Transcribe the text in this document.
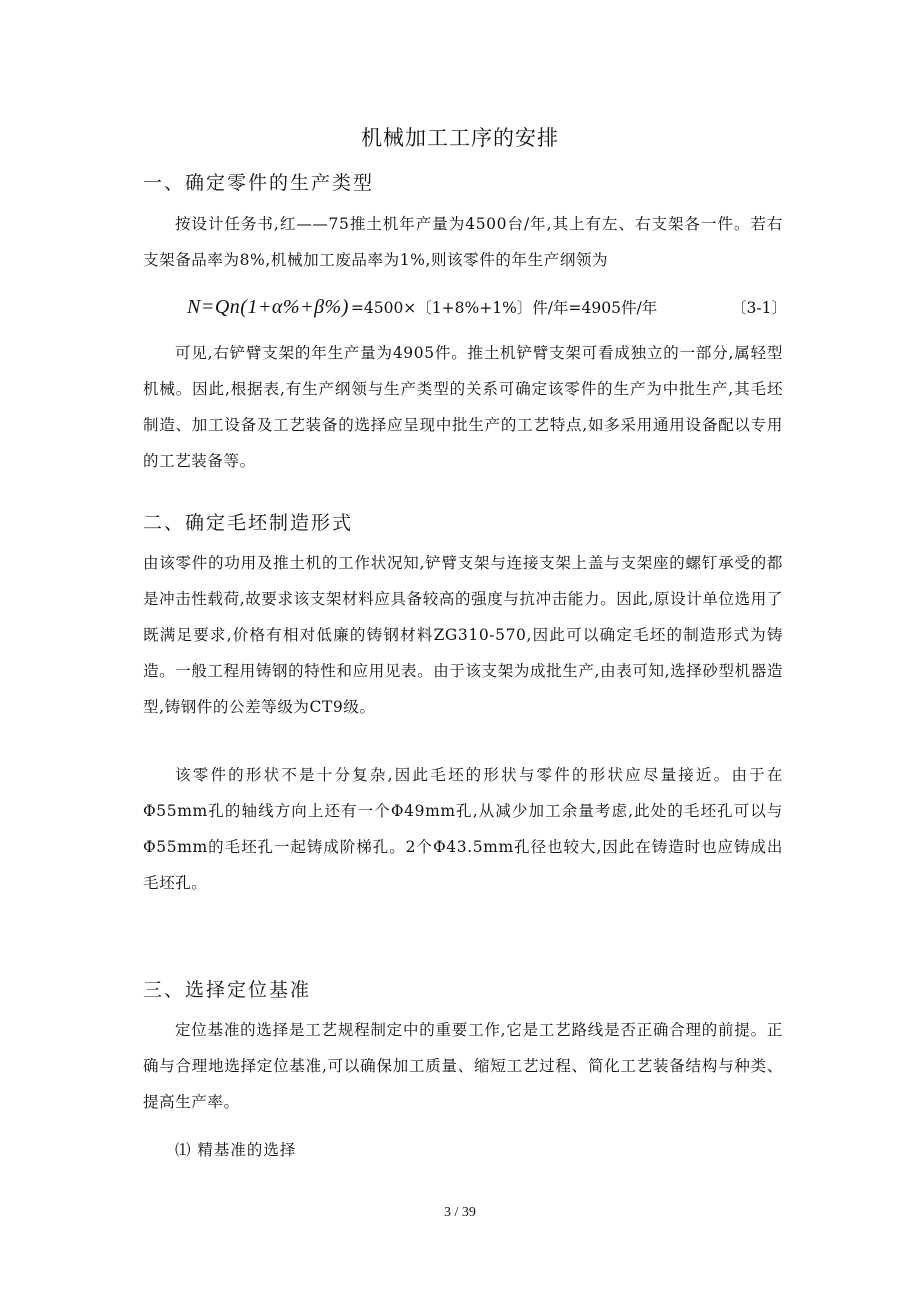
机械加工工序的安排
一、确定零件的生产类型

按设计任务书,红——75推土机年产量为4500台/年,其上有左、右支架各一件。若右支架备品率为8%,机械加工废品率为1%,则该零件的年生产纲领为

N=Qn(1+α%+β%) =4500×〔1+8%+1%〕件/年=4905件/年	〔3-1〕

可见,右铲臂支架的年生产量为4905件。推土机铲臂支架可看成独立的一部分,属轻型机械。因此,根据表,有生产纲领与生产类型的关系可确定该零件的生产为中批生产,其毛坯制造、加工设备及工艺装备的选择应呈现中批生产的工艺特点,如多采用通用设备配以专用的工艺装备等。

二、确定毛坯制造形式

由该零件的功用及推土机的工作状况知,铲臂支架与连接支架上盖与支架座的螺钉承受的都是冲击性载荷,故要求该支架材料应具备较高的强度与抗冲击能力。因此,原设计单位选用了既满足要求,价格有相对低廉的铸钢材料ZG310-570,因此可以确定毛坯的制造形式为铸造。一般工程用铸钢的特性和应用见表。由于该支架为成批生产,由表可知,选择砂型机器造型,铸钢件的公差等级为CT9级。

该零件的形状不是十分复杂,因此毛坯的形状与零件的形状应尽量接近。由于在Φ55mm孔的轴线方向上还有一个Φ49mm孔,从减少加工余量考虑,此处的毛坯孔可以与Φ55mm的毛坯孔一起铸成阶梯孔。2个Φ43.5mm孔径也较大,因此在铸造时也应铸成出毛坯孔。

三、选择定位基准

定位基准的选择是工艺规程制定中的重要工作,它是工艺路线是否正确合理的前提。正确与合理地选择定位基准,可以确保加工质量、缩短工艺过程、简化工艺装备结构与种类、提高生产率。

⑴ 精基准的选择
3 / 39
